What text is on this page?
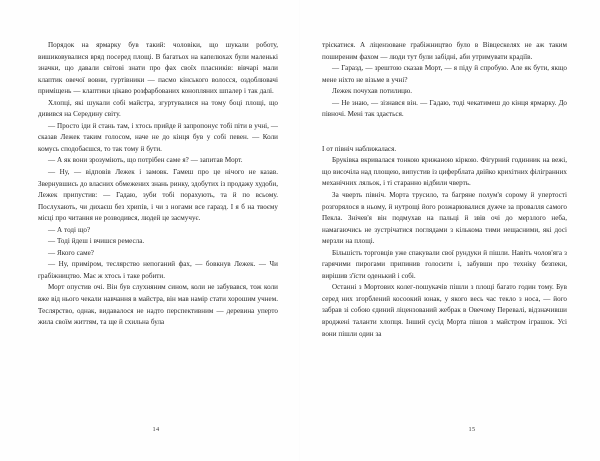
Порядок на ярмарку був такий: чоловіки, що шукали роботу, вишиковувалися вряд посеред площі. В багатьох на капелюхах були маленькі значки, що давали світові знати про фах своїх пласників: вівчарі мали клаптик овечої вовни, гуртівники — пасмо кінського волосся, оздоблювачі приміщень — клаптики цікаво розфарбованих конопляних шпалер і так далі.

Хлопці, які шукали собі майстра, згуртувалися на тому боці площі, що дивився на Середину світу.

— Просто іди й стань там, і хтось прийде й запропонує тобі піти в учні, — сказав Лежек таким голосом, наче не до кінця був у собі певен. — Коли комусь сподобаєшся, то так тому й бути.

— А як вони зрозуміють, що потрібен саме я? — запитав Морт.

— Ну, — відповів Лежек і замовк. Гамеш про це нічого не казав. Звернувшись до власних обмежених знань ринку, здобутих із продажу худоби, Лежек припустив: — Гадаю, зуби тобі порахують, та й по всьому. Послухають, чи дихаєш без хрипів, і чи з ногами все гаразд. І я б на твоєму місці про читання не розводився, людей це засмучує.

— А тоді що?

— Тоді йдеш і вчишся ремесла.

— Якого саме?

— Ну, приміром, теслярство непоганий фах, — бовкнув Лежек. — Чи грабіжництво. Має ж хтось і таке робити.

Морт опустив очі. Він був слухняним сином, коли не забувався, тож коли вже від нього чекали навчання в майстра, він мав намір стати хорошим учнем. Теслярство, однак, видавалося не надто перспективним — деревина уперто жила своїм життям, та ще й схильна була

14

тріскатися. А ліцензоване грабіжництво було в Вівцескелях не аж таким поширеним фахом — люди тут були забідні, аби утримувати крадіїв.

— Гаразд, — зрештою сказав Морт, — я піду й спробую. Але як бути, якщо мене ніхто не візьме в учні?

Лежек почухав потилицю.

— Не знаю, — зізнався він. — Гадаю, тоді чекатимеш до кінця ярмарку. До півночі. Мені так здається.

І от північ наближалася.

Бруківка вкривалася тонкою крижаною кіркою. Фігурний годинник на вежі, що височіла над площею, випустив із циферблата двійко крихітних філігранних механічних ляльок, і ті старанно відбили чверть.

За чверть північ. Морта трусило, та багряне полум'я сорому й упертості розгорялося в ньому, й нутрощі його розжарювалися дужче за провалля самого Пекла. Знічев'я він подмухав на пальці й звів очі до мерзлого неба, намагаючись не зустрічатися поглядами з кількома тими нещасними, які досі мерзли на площі.

Більшість торговців уже спакували свої рундуки й пішли. Навіть чолов'яга з гарячими пирогами припинив голосити і, забувши про техніку безпеки, вирішив з'їсти оденький і собі.

Останні з Мортових колег-пошукачів пішли з площі багато годин тому. Був серед них згорблений косоокий юнак, у якого весь час текло з носа, — його забрав зі собою єдиний ліцензований жебрак в Овечому Перевалі, відзначивши вроджені таланти хлопця. Інший сусід Морта пішов з майстром іграшок. Усі вони пішли один за

15
